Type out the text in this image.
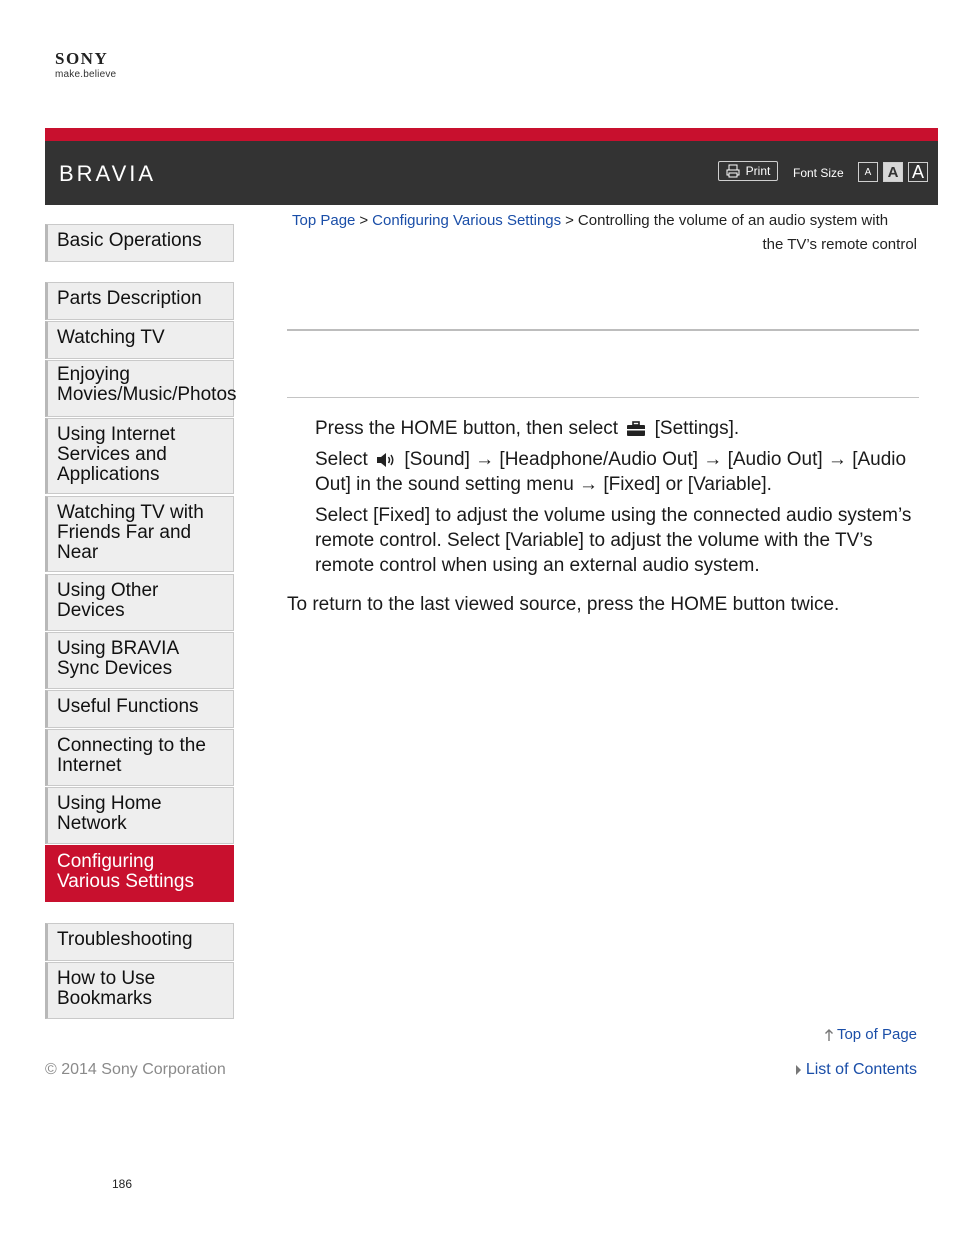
SONY
make.believe
BRAVIA	Print Font Size	A	A A
Basic Operations
Parts Description
Watching TV
Enjoying
Movies/Music/Photos
Using Internet
Services and
Applications
Watching TV with
Friends Far and
Near
Using Other
Devices
Using BRAVIA
Sync Devices
Useful Functions
Connecting to the
Internet
Using Home
Network
Configuring
Various Settings
Troubleshooting
How to Use
Bookmarks
Top Page > Configuring Various Settings > Controlling the volume of an audio system with
the TV’s remote control
Press the HOME button, then select [Settings].
Select [Sound] → [Headphone/Audio Out] → [Audio Out] → [Audio Out] in the sound setting menu → [Fixed] or [Variable].
Select [Fixed] to adjust the volume using the connected audio system’s remote control. Select [Variable] to adjust the volume with the TV’s remote control when using an external audio system.
To return to the last viewed source, press the HOME button twice.
Top of Page
© 2014 Sony Corporation	List of Contents
186
